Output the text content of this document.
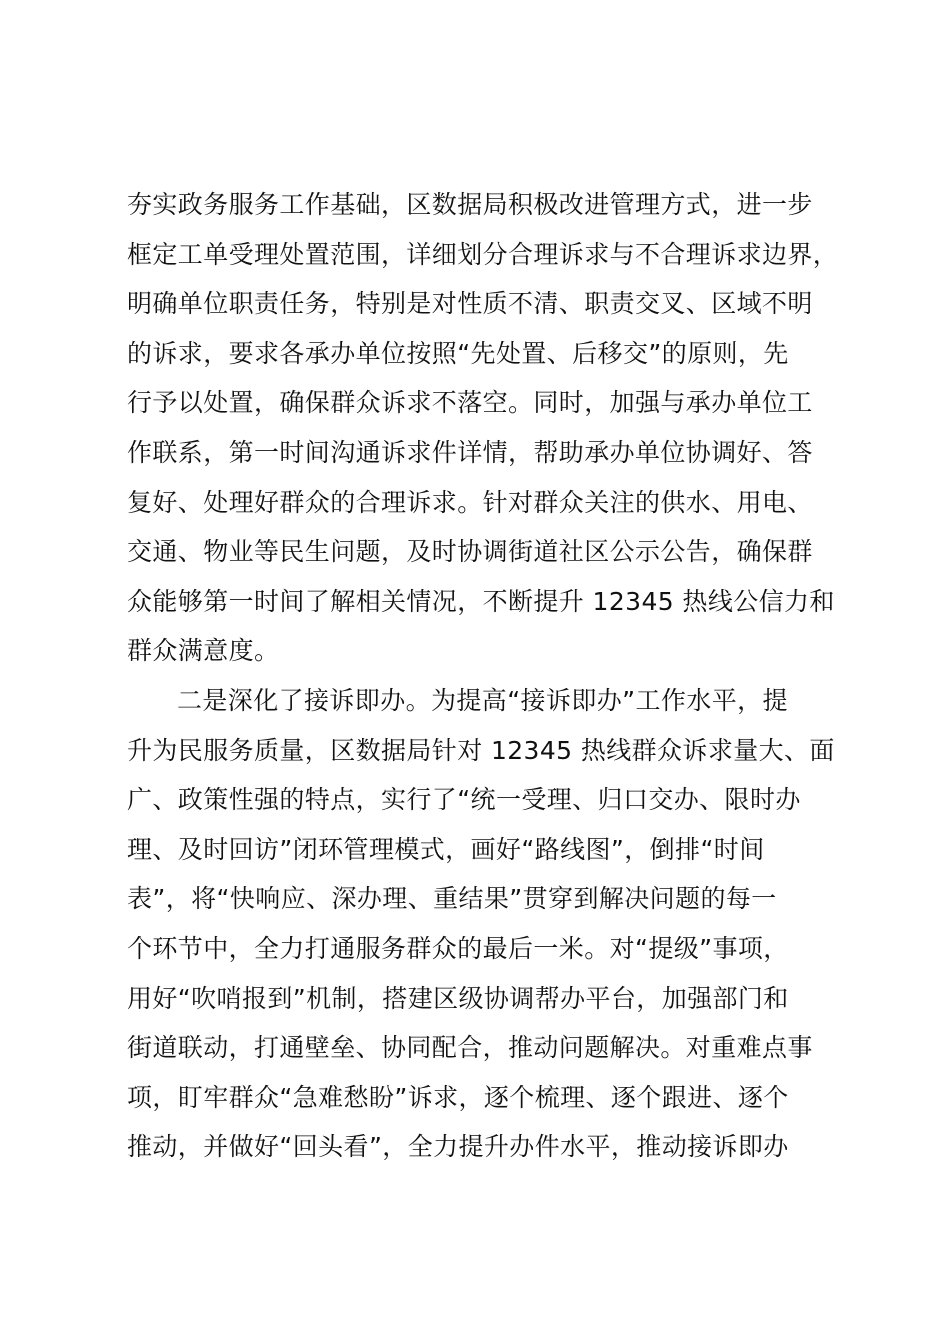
夯实政务服务工作基础，区数据局积极改进管理方式，进一步
框定工单受理处置范围，详细划分合理诉求与不合理诉求边界，
明确单位职责任务，特别是对性质不清、职责交叉、区域不明
的诉求，要求各承办单位按照“先处置、后移交”的原则，先
行予以处置，确保群众诉求不落空。同时，加强与承办单位工
作联系，第一时间沟通诉求件详情，帮助承办单位协调好、答
复好、处理好群众的合理诉求。针对群众关注的供水、用电、
交通、物业等民生问题，及时协调街道社区公示公告，确保群
众能够第一时间了解相关情况，不断提升 12345 热线公信力和
群众满意度。
二是深化了接诉即办。为提高“接诉即办”工作水平，提
升为民服务质量，区数据局针对 12345 热线群众诉求量大、面
广、政策性强的特点，实行了“统一受理、归口交办、限时办
理、及时回访”闭环管理模式，画好“路线图”，倒排“时间
表”，将“快响应、深办理、重结果”贯穿到解决问题的每一
个环节中，全力打通服务群众的最后一米。对“提级”事项，
用好“吹哨报到”机制，搭建区级协调帮办平台，加强部门和
街道联动，打通壁垒、协同配合，推动问题解决。对重难点事
项，盯牢群众“急难愁盼”诉求，逐个梳理、逐个跟进、逐个
推动，并做好“回头看”，全力提升办件水平，推动接诉即办
